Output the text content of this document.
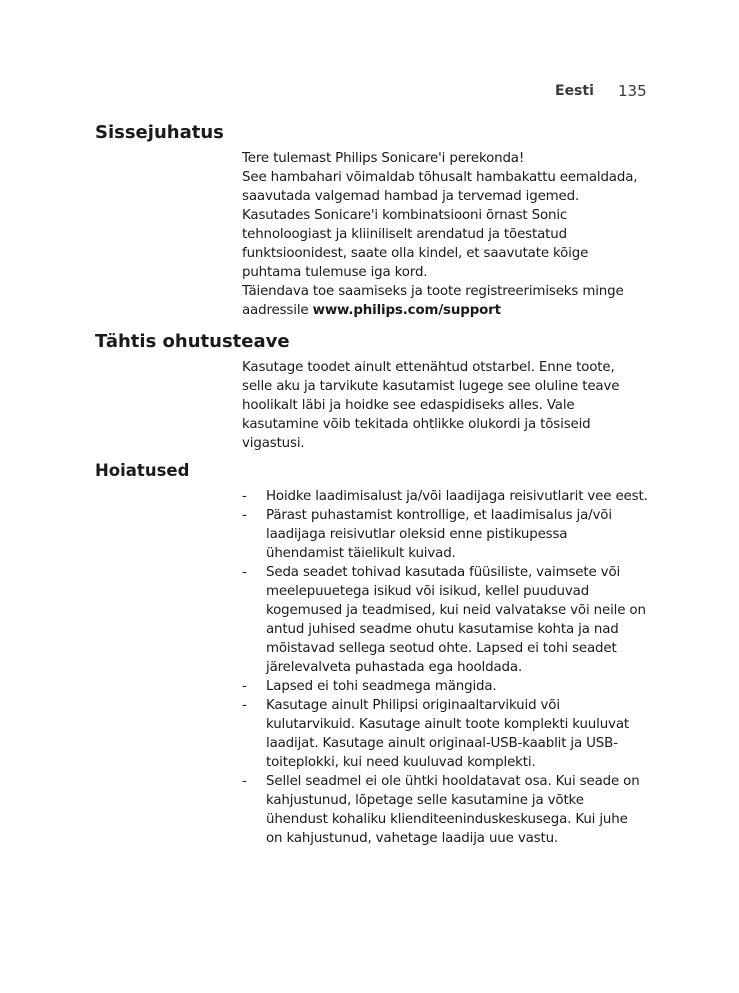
Eesti 135
Sissejuhatus

Tere tulemast Philips Sonicare'i perekonda!

See hambahari võimaldab tõhusalt hambakattu eemaldada, saavutada valgemad hambad ja tervemad igemed. Kasutades Sonicare'i kombinatsiooni õrnast Sonic tehnoloogiast ja kliiniliselt arendatud ja tõestatud funktsioonidest, saate olla kindel, et saavutate kõige puhtama tulemuse iga kord.

Täiendava toe saamiseks ja toote registreerimiseks minge aadressile www.philips.com/support

Tähtis ohutusteave

Kasutage toodet ainult ettenähtud otstarbel. Enne toote, selle aku ja tarvikute kasutamist lugege see oluline teave hoolikalt läbi ja hoidke see edaspidiseks alles. Vale kasutamine võib tekitada ohtlikke olukordi ja tõsiseid vigastusi.

Hoiatused
- Hoidke laadimisalust ja/või laadijaga reisivutlarit vee eest.
- Pärast puhastamist kontrollige, et laadimisalus ja/või laadijaga reisivutlar oleksid enne pistikupessa ühendamist täielikult kuivad.
- Seda seadet tohivad kasutada füüsiliste, vaimsete või meelepuuetega isikud või isikud, kellel puuduvad kogemused ja teadmised, kui neid valvatakse või neile on antud juhised seadme ohutu kasutamise kohta ja nad mõistavad sellega seotud ohte. Lapsed ei tohi seadet järelevalveta puhastada ega hooldada.
- Lapsed ei tohi seadmega mängida.
- Kasutage ainult Philipsi originaaltarvikuid või kulutarvikuid. Kasutage ainult toote komplekti kuuluvat laadijat. Kasutage ainult originaal-USB-kaablit ja USB-toiteplokki, kui need kuuluvad komplekti.
- Sellel seadmel ei ole ühtki hooldatavat osa. Kui seade on kahjustunud, lõpetage selle kasutamine ja võtke ühendust kohaliku klienditeeninduskeskusega. Kui juhe on kahjustunud, vahetage laadija uue vastu.
